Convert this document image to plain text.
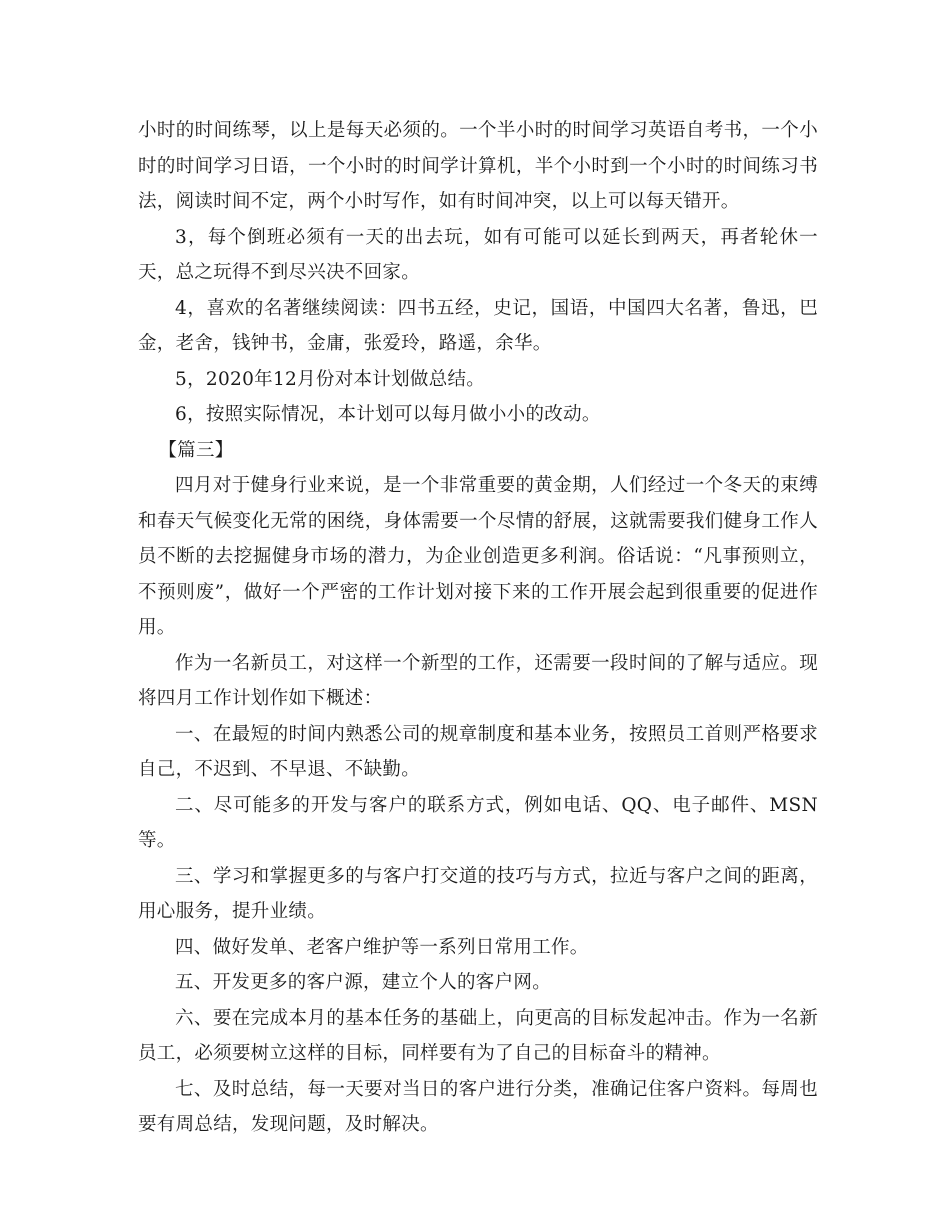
小时的时间练琴，以上是每天必须的。一个半小时的时间学习英语自考书，一个小时的时间学习日语，一个小时的时间学计算机，半个小时到一个小时的时间练习书法，阅读时间不定，两个小时写作，如有时间冲突，以上可以每天错开。

3，每个倒班必须有一天的出去玩，如有可能可以延长到两天，再者轮休一天，总之玩得不到尽兴决不回家。

4，喜欢的名著继续阅读：四书五经，史记，国语，中国四大名著，鲁迅，巴金，老舍，钱钟书，金庸，张爱玲，路遥，余华。

5，2020年12月份对本计划做总结。

6，按照实际情况，本计划可以每月做小小的改动。

【篇三】

四月对于健身行业来说，是一个非常重要的黄金期，人们经过一个冬天的束缚和春天气候变化无常的困绕，身体需要一个尽情的舒展，这就需要我们健身工作人员不断的去挖掘健身市场的潜力，为企业创造更多利润。俗话说：“凡事预则立，不预则废”，做好一个严密的工作计划对接下来的工作开展会起到很重要的促进作用。

作为一名新员工，对这样一个新型的工作，还需要一段时间的了解与适应。现将四月工作计划作如下概述：

一、在最短的时间内熟悉公司的规章制度和基本业务，按照员工首则严格要求自己，不迟到、不早退、不缺勤。

二、尽可能多的开发与客户的联系方式，例如电话、QQ、电子邮件、MSN等。

三、学习和掌握更多的与客户打交道的技巧与方式，拉近与客户之间的距离，用心服务，提升业绩。

四、做好发单、老客户维护等一系列日常用工作。

五、开发更多的客户源，建立个人的客户网。

六、要在完成本月的基本任务的基础上，向更高的目标发起冲击。作为一名新员工，必须要树立这样的目标，同样要有为了自己的目标奋斗的精神。

七、及时总结，每一天要对当日的客户进行分类，准确记住客户资料。每周也要有周总结，发现问题，及时解决。
